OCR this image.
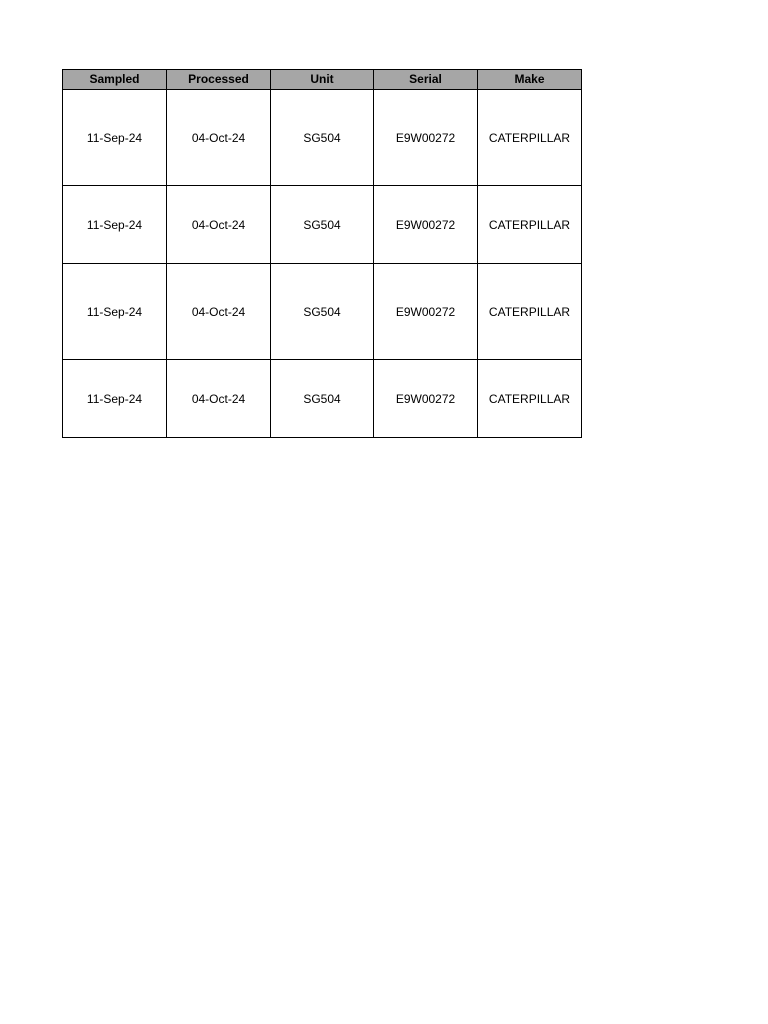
Sampled	Processed	Unit	Serial	Make
11-Sep-24	04-Oct-24	SG504	E9W00272	CATERPILLAR
11-Sep-24	04-Oct-24	SG504	E9W00272	CATERPILLAR
11-Sep-24	04-Oct-24	SG504	E9W00272	CATERPILLAR
11-Sep-24	04-Oct-24	SG504	E9W00272	CATERPILLAR
